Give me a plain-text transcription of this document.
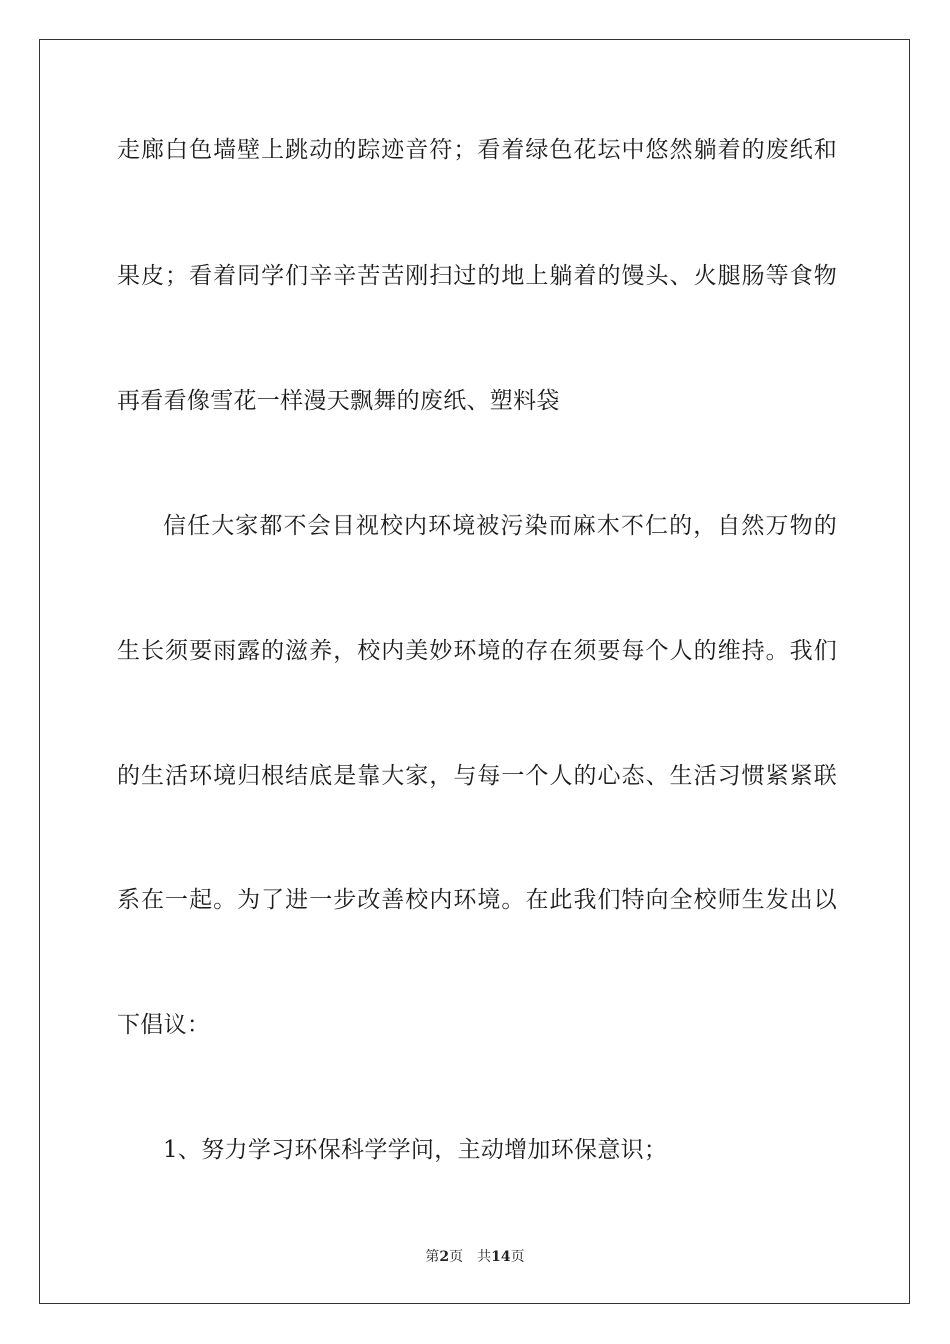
走廊白色墙壁上跳动的踪迹音符；看着绿色花坛中悠然躺着的废纸和
果皮；看着同学们辛辛苦苦刚扫过的地上躺着的馒头、火腿肠等食物
再看看像雪花一样漫天飘舞的废纸、塑料袋
信任大家都不会目视校内环境被污染而麻木不仁的，自然万物的
生长须要雨露的滋养，校内美妙环境的存在须要每个人的维持。我们
的生活环境归根结底是靠大家，与每一个人的心态、生活习惯紧紧联
系在一起。为了进一步改善校内环境。在此我们特向全校师生发出以
下倡议：
1、努力学习环保科学学问，主动增加环保意识；
第2页 共14页
